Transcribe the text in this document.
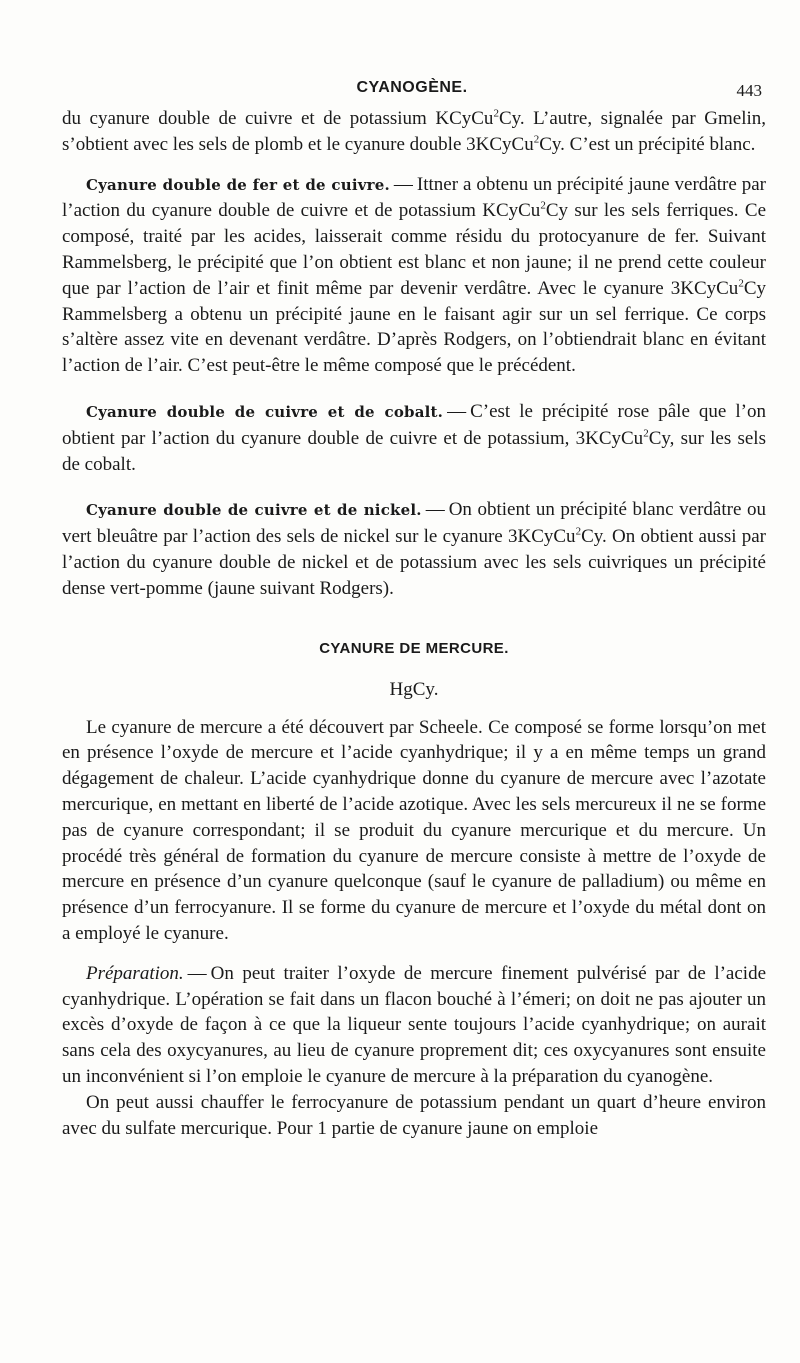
CYANOGÈNE.	443

du cyanure double de cuivre et de potassium KCyCu$^2$Cy. L’autre, signalée par Gmelin, s’obtient avec les sels de plomb et le cyanure double 3KCyCu$^2$Cy. C’est un précipité blanc.

Cyanure double de fer et de cuivre. — Ittner a obtenu un précipité jaune verdâtre par l’action du cyanure double de cuivre et de potassium KCyCu$^2$Cy sur les sels ferriques. Ce composé, traité par les acides, laisserait comme résidu du protocyanure de fer. Suivant Rammelsberg, le précipité que l’on obtient est blanc et non jaune; il ne prend cette couleur que par l’action de l’air et finit même par devenir verdâtre. Avec le cyanure 3KCyCu$^2$Cy Rammelsberg a obtenu un précipité jaune en le faisant agir sur un sel ferrique. Ce corps s’altère assez vite en devenant verdâtre. D’après Rodgers, on l’obtiendrait blanc en évitant l’action de l’air. C’est peut-être le même composé que le précédent.

Cyanure double de cuivre et de cobalt. — C’est le précipité rose pâle que l’on obtient par l’action du cyanure double de cuivre et de potassium, 3KCyCu$^2$Cy, sur les sels de cobalt.

Cyanure double de cuivre et de nickel. — On obtient un précipité blanc verdâtre ou vert bleuâtre par l’action des sels de nickel sur le cyanure 3KCyCu$^2$Cy. On obtient aussi par l’action du cyanure double de nickel et de potassium avec les sels cuivriques un précipité dense vert-pomme (jaune suivant Rodgers).

CYANURE DE MERCURE.
HgCy.

Le cyanure de mercure a été découvert par Scheele. Ce composé se forme lorsqu’on met en présence l’oxyde de mercure et l’acide cyanhydrique; il y a en même temps un grand dégagement de chaleur. L’acide cyanhydrique donne du cyanure de mercure avec l’azotate mercurique, en mettant en liberté de l’acide azotique. Avec les sels mercureux il ne se forme pas de cyanure correspondant; il se produit du cyanure mercurique et du mercure. Un procédé très général de formation du cyanure de mercure consiste à mettre de l’oxyde de mercure en présence d’un cyanure quelconque (sauf le cyanure de palladium) ou même en présence d’un ferrocyanure. Il se forme du cyanure de mercure et l’oxyde du métal dont on a employé le cyanure.

Préparation. — On peut traiter l’oxyde de mercure finement pulvérisé par de l’acide cyanhydrique. L’opération se fait dans un flacon bouché à l’émeri; on doit ne pas ajouter un excès d’oxyde de façon à ce que la liqueur sente toujours l’acide cyanhydrique; on aurait sans cela des oxycyanures, au lieu de cyanure proprement dit; ces oxycyanures sont ensuite un inconvénient si l’on emploie le cyanure de mercure à la préparation du cyanogène.

On peut aussi chauffer le ferrocyanure de potassium pendant un quart d’heure environ avec du sulfate mercurique. Pour 1 partie de cyanure jaune on emploie
